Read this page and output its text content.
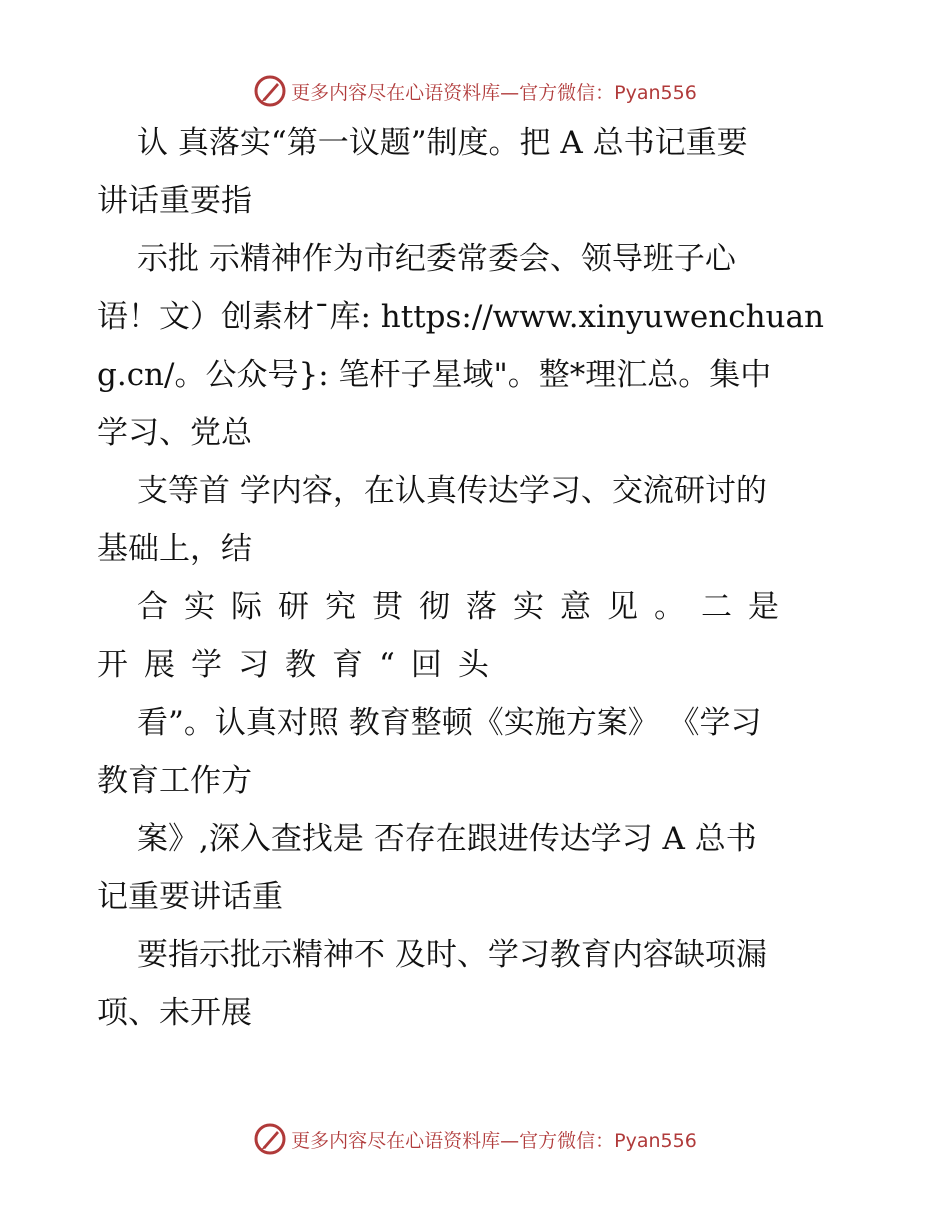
更多内容尽在心语资料库—官方微信：Pyan556
认 真落实“第一议题”制度。把 A 总书记重要
讲话重要指
示批 示精神作为市纪委常委会、领导班子心
语！文）创素材¯库: https://www.xinyuwenchuan
g.cn/。公众号}: 笔杆子星域"。整*理汇总。集中
学习、党总
支等首 学内容，在认真传达学习、交流研讨的
基础上，结
合实际研究贯彻落实意见。二是
开展学习教育“回头
看”。认真对照 教育整顿《实施方案》 《学习
教育工作方
案》,深入查找是 否存在跟进传达学习 A 总书
记重要讲话重
要指示批示精神不 及时、学习教育内容缺项漏
项、未开展
更多内容尽在心语资料库—官方微信：Pyan556
